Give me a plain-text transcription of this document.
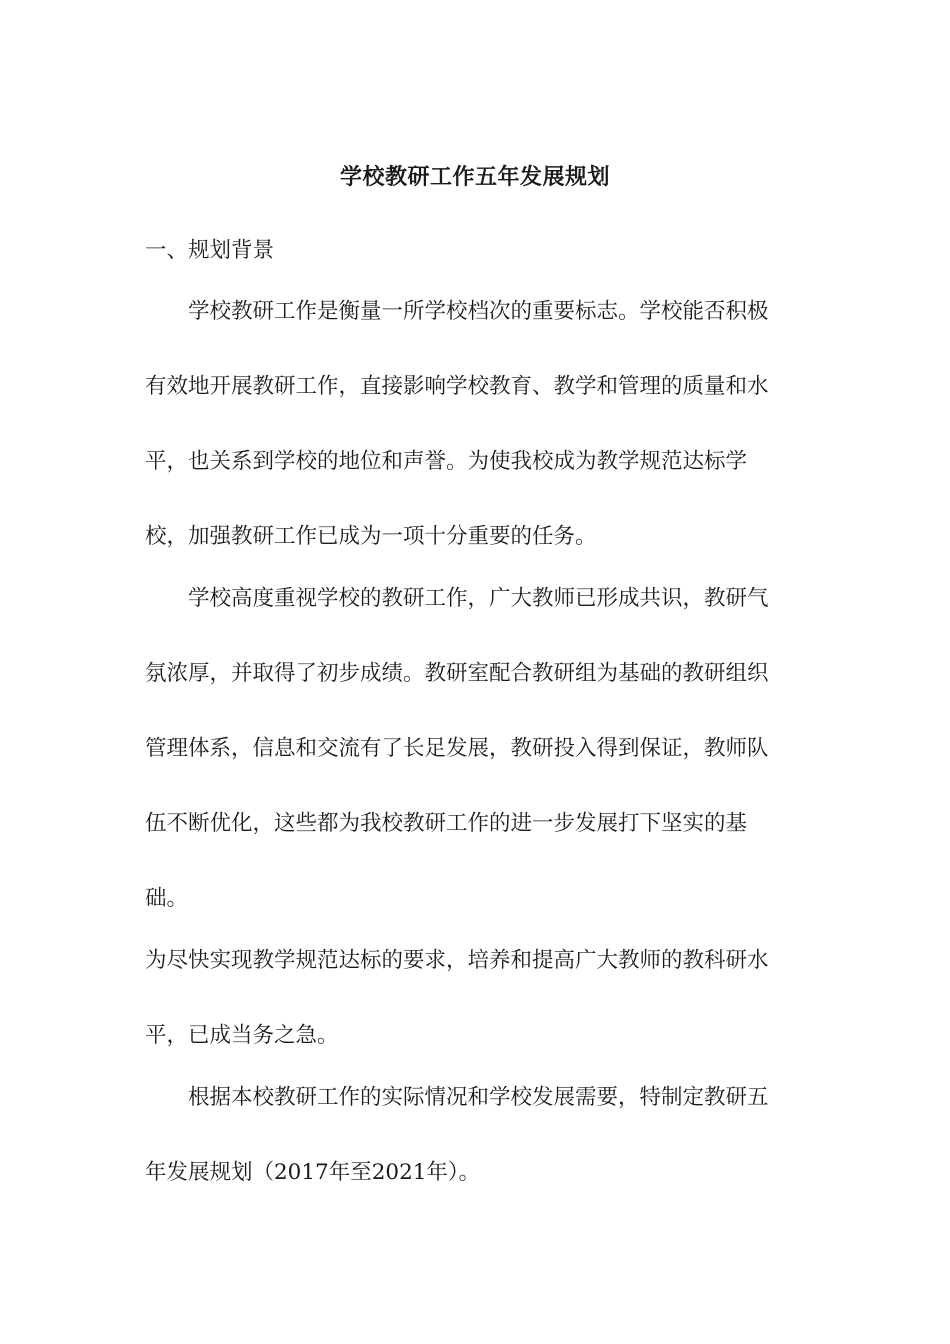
学校教研工作五年发展规划

一、规划背景

　　学校教研工作是衡量一所学校档次的重要标志。学校能否积极

有效地开展教研工作，直接影响学校教育、教学和管理的质量和水

平，也关系到学校的地位和声誉。为使我校成为教学规范达标学

校，加强教研工作已成为一项十分重要的任务。

　　学校高度重视学校的教研工作，广大教师已形成共识，教研气

氛浓厚，并取得了初步成绩。教研室配合教研组为基础的教研组织

管理体系，信息和交流有了长足发展，教研投入得到保证，教师队

伍不断优化，这些都为我校教研工作的进一步发展打下坚实的基

础。

为尽快实现教学规范达标的要求，培养和提高广大教师的教科研水

平，已成当务之急。

　　根据本校教研工作的实际情况和学校发展需要，特制定教研五

年发展规划（2017年至2021年）。
